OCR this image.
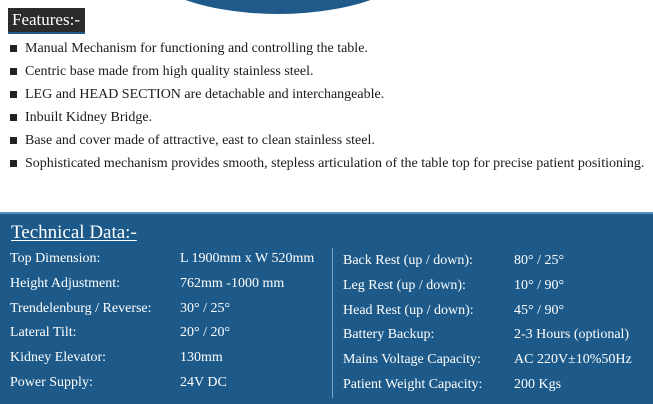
Features:-
Manual Mechanism for functioning and controlling the table.
Centric base made from high quality stainless steel.
LEG and HEAD SECTION are detachable and interchangeable.
Inbuilt Kidney Bridge.
Base and cover made of attractive, east to clean stainless steel.
Sophisticated mechanism provides smooth, stepless articulation of the table top for precise patient positioning.
Technical Data:-
Top Dimension:	L 1900mm x W 520mm
Height Adjustment:	762mm -1000 mm
Trendelenburg / Reverse: 30° / 25°
Lateral Tilt:	20° / 20°
Kidney Elevator:	130mm
Power Supply:	24V DC
Back Rest (up / down):	80° / 25°
Leg Rest (up / down):	10° / 90°
Head Rest (up / down):	45° / 90°
Battery Backup:	2-3 Hours (optional)
Mains Voltage Capacity: AC 220V±10%50Hz
Patient Weight Capacity: 200 Kgs
